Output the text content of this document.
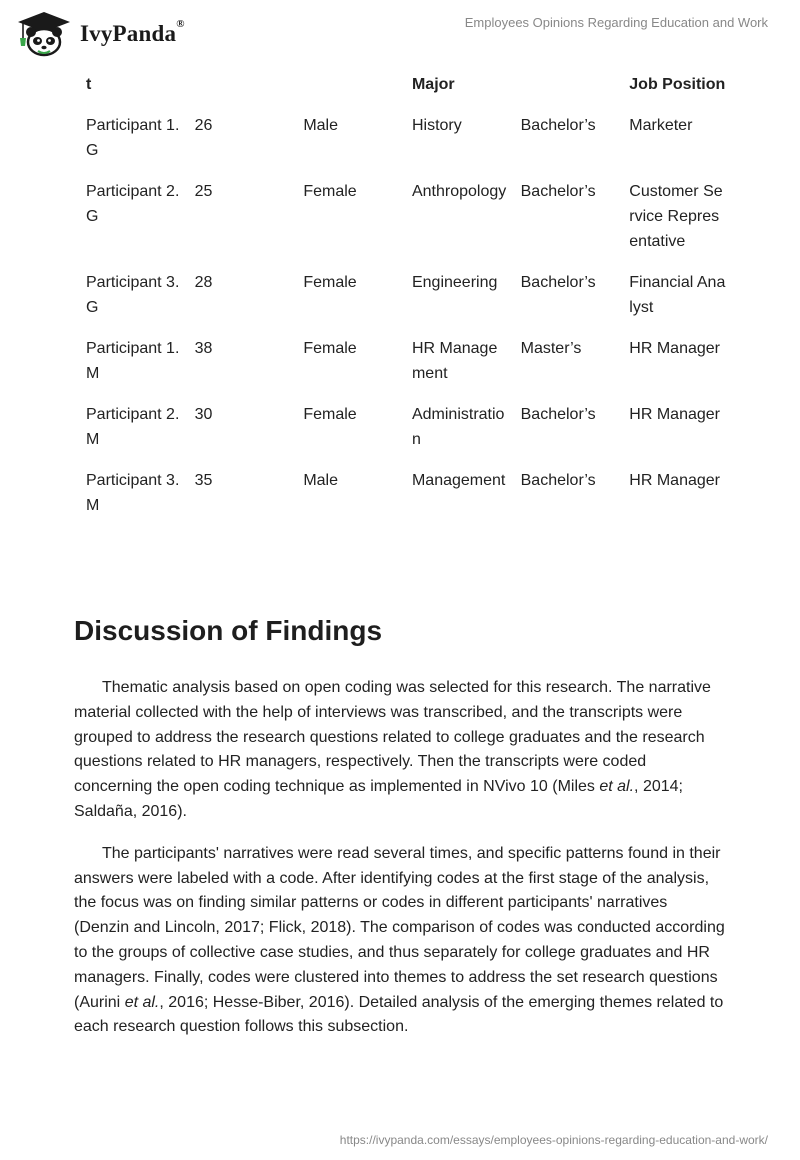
IvyPanda®	Employees Opinions Regarding Education and Work
t			Major		Job Position
Participant 1.G	26	Male	History	Bachelor’s	Marketer
Participant 2.G	25	Female	Anthropology	Bachelor’s	Customer Service Representative
Participant 3.G	28	Female	Engineering	Bachelor’s	Financial Analyst
Participant 1.M	38	Female	HR Management	Master’s	HR Manager
Participant 2.M	30	Female	Administration	Bachelor’s	HR Manager
Participant 3.M	35	Male	Management	Bachelor’s	HR Manager
Discussion of Findings

Thematic analysis based on open coding was selected for this research. The narrative material collected with the help of interviews was transcribed, and the transcripts were grouped to address the research questions related to college graduates and the research questions related to HR managers, respectively. Then the transcripts were coded concerning the open coding technique as implemented in NVivo 10 (Miles et al., 2014; Saldaña, 2016).

The participants' narratives were read several times, and specific patterns found in their answers were labeled with a code. After identifying codes at the first stage of the analysis, the focus was on finding similar patterns or codes in different participants' narratives (Denzin and Lincoln, 2017; Flick, 2018). The comparison of codes was conducted according to the groups of collective case studies, and thus separately for college graduates and HR managers. Finally, codes were clustered into themes to address the set research questions (Aurini et al., 2016; Hesse-Biber, 2016). Detailed analysis of the emerging themes related to each research question follows this subsection.

https://ivypanda.com/essays/employees-opinions-regarding-education-and-work/
